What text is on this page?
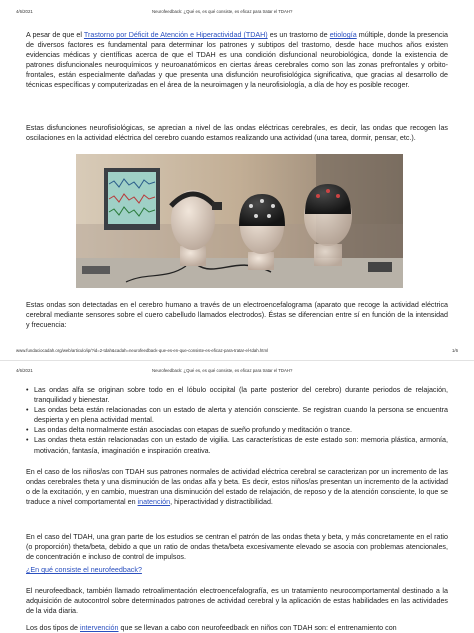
4/6/2021	Neurofeedback: ¿Qué es, es qué consiste, es eficaz para tratar el TDAH?

A pesar de que el Trastorno por Déficit de Atención e Hiperactividad (TDAH) es un trastorno de etiología múltiple, donde la presencia de diversos factores es fundamental para determinar los patrones y subtipos del trastorno, desde hace muchos años existen evidencias médicas y científicas acerca de que el TDAH es una condición disfuncional neurobiológica, donde la existencia de patrones disfuncionales neuroquímicos y neuroanatómicos en ciertas áreas cerebrales como son las zonas prefrontales y orbito-frontales, están especialmente dañadas y que presenta una disfunción neurofisiológica significativa, que gracias al desarrollo de técnicas específicas y computerizadas en el área de la neuroimagen y la neurofisiología, a día de hoy es posible recoger.

Estas disfunciones neurofisiológicas, se aprecian a nivel de las ondas eléctricas cerebrales, es decir, las ondas que recogen las oscilaciones en la actividad eléctrica del cerebro cuando estamos realizando una actividad (una tarea, dormir, pensar, etc.).

Estas ondas son detectadas en el cerebro humano a través de un electroencefalograma (aparato que recoge la actividad eléctrica cerebral mediante sensores sobre el cuero cabelludo llamados electrodos). Éstas se diferencian entre sí en función de la intensidad y frecuencia:

www.fundaciocadah.org/web/articulo/ip/?id=2-tdah&cadah=neurofeedback-que-es-en-que-consiste-es-eficaz-para-tratar-el-tdah.html	1/6
4/6/2021	Neurofeedback: ¿Qué es, es qué consiste, es eficaz para tratar el TDAH?
• Las ondas alfa se originan sobre todo en el lóbulo occipital (la parte posterior del cerebro) durante periodos de relajación, tranquilidad y bienestar.
• Las ondas beta están relacionadas con un estado de alerta y atención consciente. Se registran cuando la persona se encuentra despierta y en plena actividad mental.
• Las ondas delta normalmente están asociadas con etapas de sueño profundo y meditación o trance.
• Las ondas theta están relacionadas con un estado de vigilia. Las características de este estado son: memoria plástica, armonía, motivación, fantasía, imaginación e inspiración creativa.

En el caso de los niños/as con TDAH sus patrones normales de actividad eléctrica cerebral se caracterizan por un incremento de las ondas cerebrales theta y una disminución de las ondas alfa y beta. Es decir, estos niños/as presentan un incremento de la actividad o de la excitación, y en cambio, muestran una disminución del estado de relajación, de reposo y de la atención consciente, lo que se traduce a nivel comportamental en inatención, hiperactividad y distractibilidad.

En el caso del TDAH, una gran parte de los estudios se centran el patrón de las ondas theta y beta, y más concretamente en el ratio (o proporción) theta/beta, debido a que un ratio de ondas theta/beta excesivamente elevado se asocia con problemas atencionales, de concentración e incluso de control de impulsos.

¿En qué consiste el neurofeedback?

El neurofeedback, también llamado retroalimentación electroencefalografía, es un tratamiento neurocomportamental destinado a la adquisición de autocontrol sobre determinados patrones de actividad cerebral y la aplicación de estas habilidades en las actividades de la vida diaria.

Los dos tipos de intervención que se llevan a cabo con neurofeedback en niños con TDAH son: el entrenamiento con
